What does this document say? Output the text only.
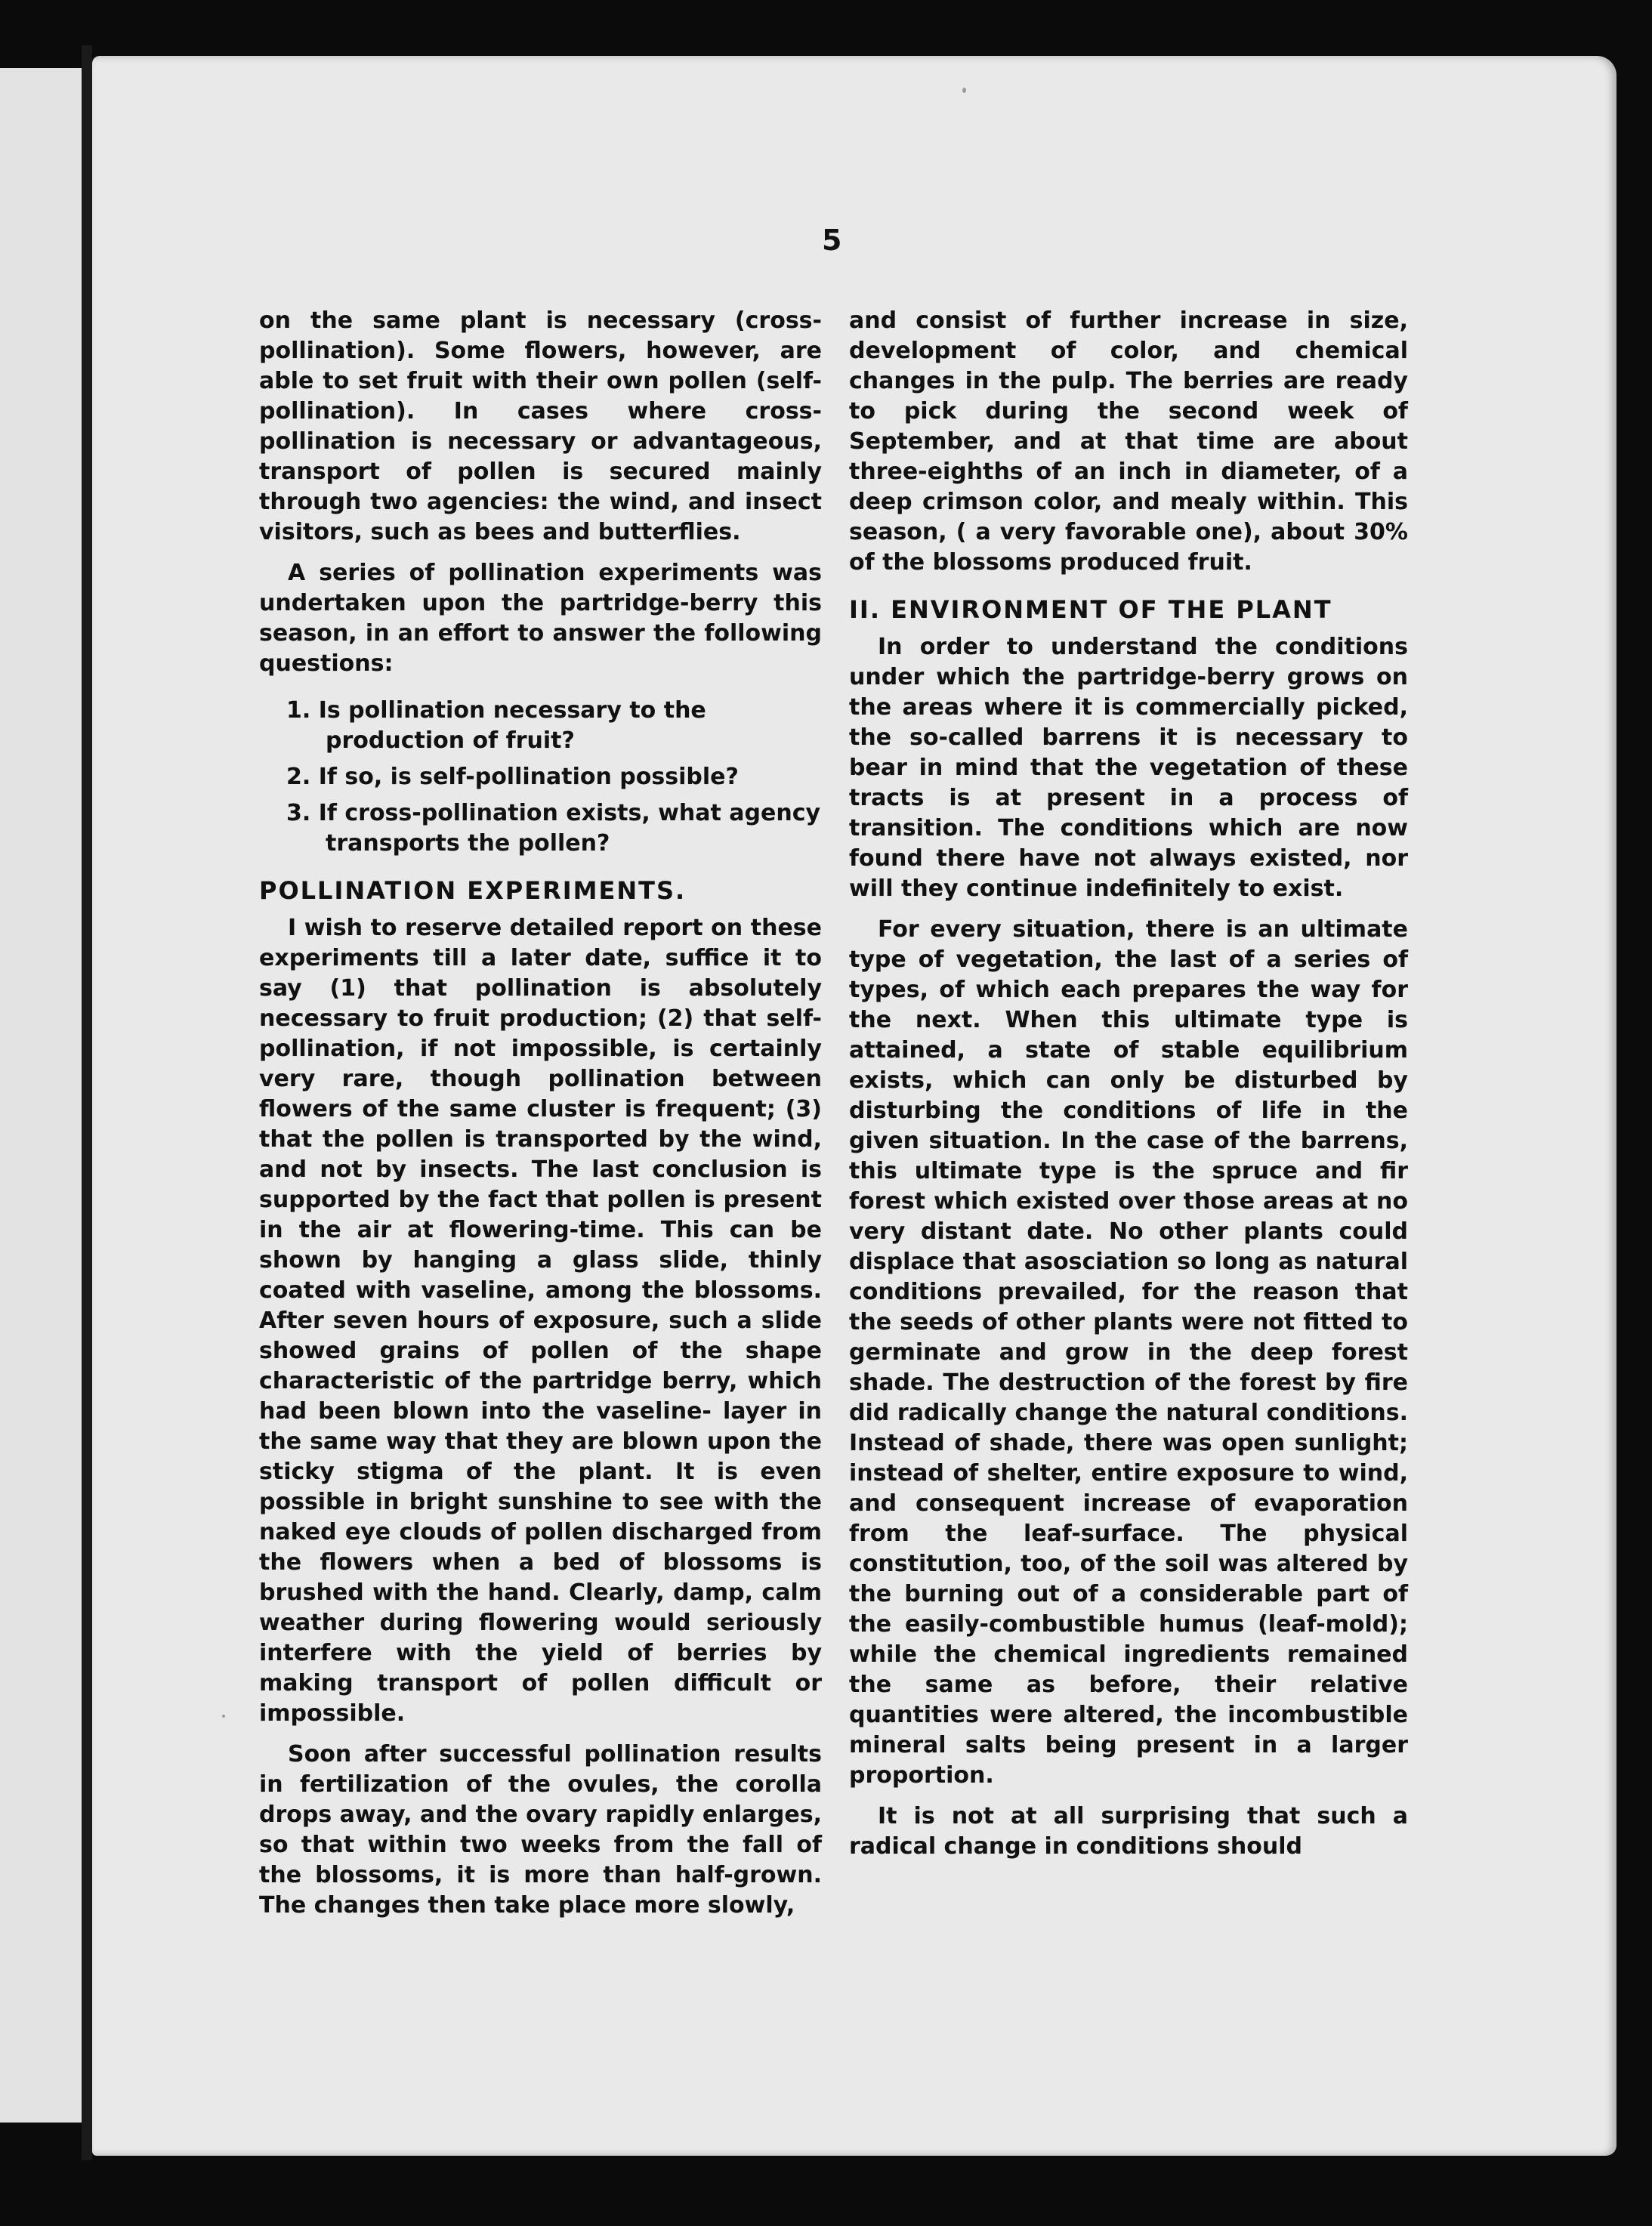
5

on the same plant is necessary (cross-pollination). Some flowers, however, are able to set fruit with their own pollen (self-pollination). In cases where cross-pollination is necessary or advantageous, transport of pollen is secured mainly through two agencies: the wind, and insect visitors, such as bees and butterflies.

A series of pollination experiments was undertaken upon the partridge-berry this season, in an effort to answer the following questions:

1. Is pollination necessary to the production of fruit?
2. If so, is self-pollination possible?
3. If cross-pollination exists, what agency transports the pollen?
POLLINATION EXPERIMENTS.

I wish to reserve detailed report on these experiments till a later date, suffice it to say (1) that pollination is absolutely necessary to fruit production; (2) that self-pollination, if not impossible, is certainly very rare, though pollination between flowers of the same cluster is frequent; (3) that the pollen is transported by the wind, and not by insects. The last conclusion is supported by the fact that pollen is present in the air at flowering-time. This can be shown by hanging a glass slide, thinly coated with vaseline, among the blossoms. After seven hours of exposure, such a slide showed grains of pollen of the shape characteristic of the partridge berry, which had been blown into the vaseline- layer in the same way that they are blown upon the sticky stigma of the plant. It is even possible in bright sunshine to see with the naked eye clouds of pollen discharged from the flowers when a bed of blossoms is brushed with the hand. Clearly, damp, calm weather during flowering would seriously interfere with the yield of berries by making transport of pollen difficult or impossible.

Soon after successful pollination results in fertilization of the ovules, the corolla drops away, and the ovary rapidly enlarges, so that within two weeks from the fall of the blossoms, it is more than half-grown. The changes then take place more slowly,

and consist of further increase in size, development of color, and chemical changes in the pulp. The berries are ready to pick during the second week of September, and at that time are about three-eighths of an inch in diameter, of a deep crimson color, and mealy within. This season, ( a very favorable one), about 30% of the blossoms produced fruit.

II. ENVIRONMENT OF THE PLANT

In order to understand the conditions under which the partridge-berry grows on the areas where it is commercially picked, the so-called barrens it is necessary to bear in mind that the vegetation of these tracts is at present in a process of transition. The conditions which are now found there have not always existed, nor will they continue indefinitely to exist.

For every situation, there is an ultimate type of vegetation, the last of a series of types, of which each prepares the way for the next. When this ultimate type is attained, a state of stable equilibrium exists, which can only be disturbed by disturbing the conditions of life in the given situation. In the case of the barrens, this ultimate type is the spruce and fir forest which existed over those areas at no very distant date. No other plants could displace that asosciation so long as natural conditions prevailed, for the reason that the seeds of other plants were not fitted to germinate and grow in the deep forest shade. The destruction of the forest by fire did radically change the natural conditions. Instead of shade, there was open sunlight; instead of shelter, entire exposure to wind, and consequent increase of evaporation from the leaf-surface. The physical constitution, too, of the soil was altered by the burning out of a considerable part of the easily-combustible humus (leaf-mold); while the chemical ingredients remained the same as before, their relative quantities were altered, the incombustible mineral salts being present in a larger proportion.

It is not at all surprising that such a radical change in conditions should
